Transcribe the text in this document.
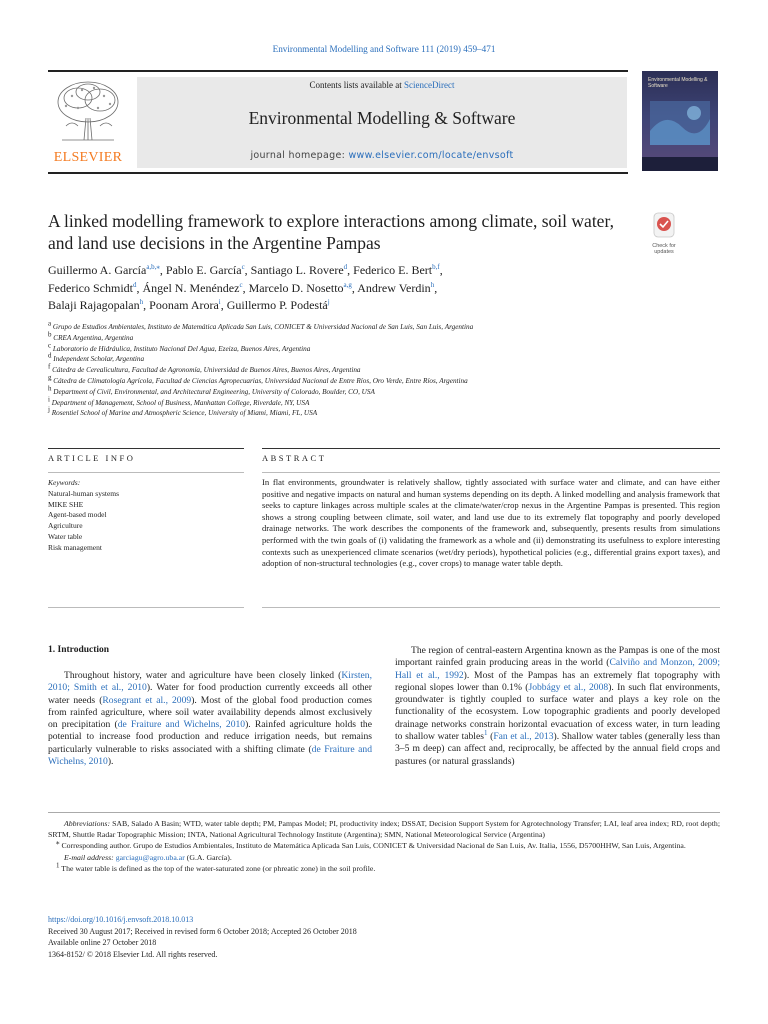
Environmental Modelling and Software 111 (2019) 459–471
ELSEVIER
Contents lists available at ScienceDirect
Environmental Modelling & Software
journal homepage: www.elsevier.com/locate/envsoft
Environmental Modelling & Software
A linked modelling framework to explore interactions among climate, soil water, and land use decisions in the Argentine Pampas	Check for
updates
Guillermo A. García$^{a,b,⁎}$, Pablo E. García$^c$, Santiago L. Rovere$^d$, Federico E. Bert$^{b,f}$,
Federico Schmidt$^d$, Ángel N. Menéndez$^c$, Marcelo D. Nosetto$^{a,g}$, Andrew Verdin$^h$,
Balaji Rajagopalan$^h$, Poonam Arora$^i$, Guillermo P. Podestá$^j$
a Grupo de Estudios Ambientales, Instituto de Matemática Aplicada San Luis, CONICET & Universidad Nacional de San Luis, San Luis, Argentina
b CREA Argentina, Argentina
c Laboratorio de Hidráulica, Instituto Nacional Del Agua, Ezeiza, Buenos Aires, Argentina
d Independent Scholar, Argentina
f Cátedra de Cerealicultura, Facultad de Agronomía, Universidad de Buenos Aires, Buenos Aires, Argentina
g Cátedra de Climatología Agrícola, Facultad de Ciencias Agropecuarias, Universidad Nacional de Entre Ríos, Oro Verde, Entre Ríos, Argentina
h Department of Civil, Environmental, and Architectural Engineering, University of Colorado, Boulder, CO, USA
i Department of Management, School of Business, Manhattan College, Riverdale, NY, USA
j Rosentiel School of Marine and Atmospheric Science, University of Miami, Miami, FL, USA
ARTICLE INFO	ABSTRACT
Keywords:
Natural-human systems
MIKE SHE
Agent-based model
Agriculture
Water table
Risk management
In flat environments, groundwater is relatively shallow, tightly associated with surface water and climate, and can have either positive and negative impacts on natural and human systems depending on its depth. A linked modelling and analysis framework that seeks to capture linkages across multiple scales at the climate/water/crop nexus in the Argentine Pampas is presented. This region shows a strong coupling between climate, soil water, and land use due to its extremely flat topography and poorly developed drainage networks. The work describes the components of the framework and, subsequently, presents results from simulations performed with the twin goals of (i) validating the framework as a whole and (ii) demonstrating its usefulness to explore interesting contexts such as unexperienced climate scenarios (wet/dry periods), hypothetical policies (e.g., differential grains export taxes), and adoption of non-structural technologies (e.g., cover crops) to manage water table depth.
1. Introduction
Throughout history, water and agriculture have been closely linked (Kirsten, 2010; Smith et al., 2010). Water for food production currently exceeds all other water needs (Rosegrant et al., 2009). Most of the global food production comes from rainfed agriculture, where soil water availability depends almost exclusively on precipitation (de Fraiture and Wichelns, 2010). Rainfed agriculture holds the potential to increase food production and reduce irrigation needs, but remains particularly vulnerable to risks associated with a shifting climate (de Fraiture and Wichelns, 2010).
The region of central-eastern Argentina known as the Pampas is one of the most important rainfed grain producing areas in the world (Calviño and Monzon, 2009; Hall et al., 1992). Most of the Pampas has an extremely flat topography with regional slopes lower than 0.1% (Jobbágy et al., 2008). In such flat environments, groundwater is tightly coupled to surface water and plays a key role on the functionality of the ecosystem. Low topographic gradients and poorly developed drainage networks constrain horizontal evacuation of excess water, in turn leading to shallow water tables$^1$ (Fan et al., 2013). Shallow water tables (generally less than 3–5 m deep) can affect and, reciprocally, be affected by the annual field crops and pastures (or natural grasslands)
Abbreviations: SAB, Salado A Basin; WTD, water table depth; PM, Pampas Model; PI, productivity index; DSSAT, Decision Support System for Agrotechnology Transfer; LAI, leaf area index; RD, root depth; SRTM, Shuttle Radar Topographic Mission; INTA, National Agricultural Technology Institute (Argentina); SMN, National Meteorological Service (Argentina)
⁎ Corresponding author. Grupo de Estudios Ambientales, Instituto de Matemática Aplicada San Luis, CONICET & Universidad Nacional de San Luis, Av. Italia, 1556, D5700HHW, San Luis, Argentina.
E-mail address: garciagu@agro.uba.ar (G.A. García).
1 The water table is defined as the top of the water-saturated zone (or phreatic zone) in the soil profile.
https://doi.org/10.1016/j.envsoft.2018.10.013
Received 30 August 2017; Received in revised form 6 October 2018; Accepted 26 October 2018
Available online 27 October 2018
1364-8152/ © 2018 Elsevier Ltd. All rights reserved.
